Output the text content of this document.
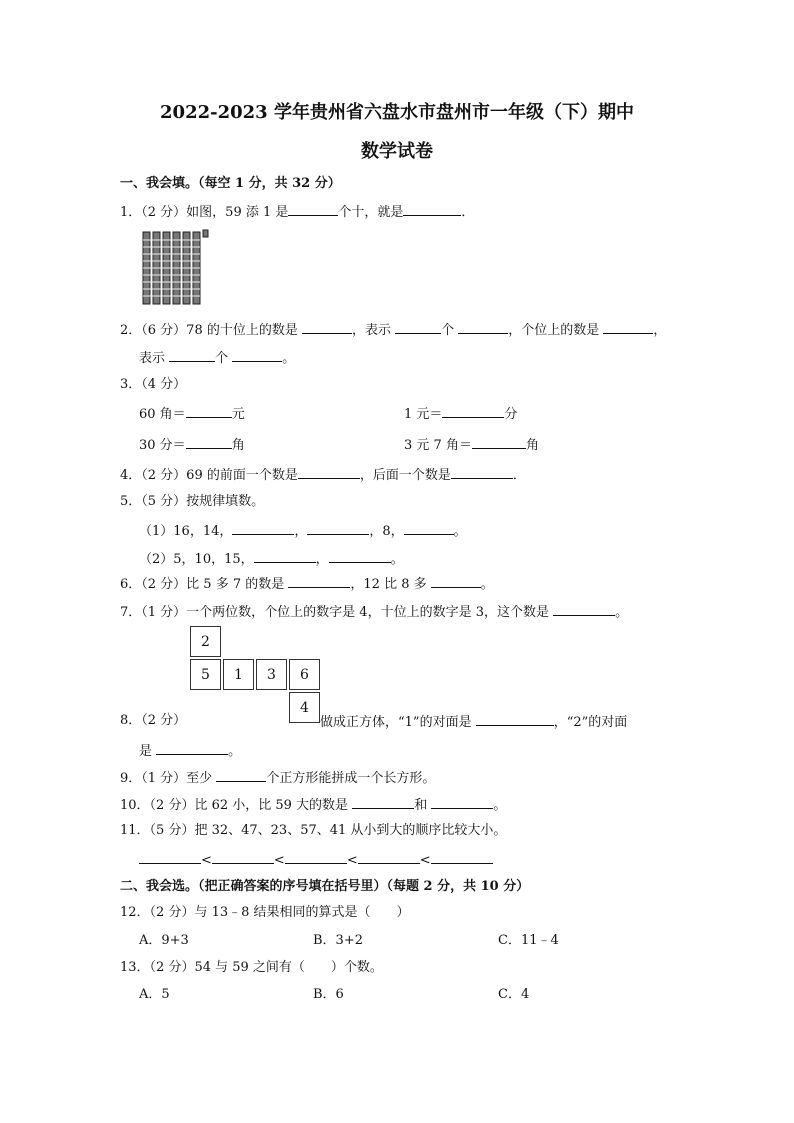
2022-2023 学年贵州省六盘水市盘州市一年级（下）期中
数学试卷
一、我会填。（每空 1 分，共 32 分）
1．（2 分）如图，59 添 1 是	个十，就是	．
2．（6 分）78 的十位上的数是	，表示	个	，个位上的数是	，
表示	个	。
3．（4 分）
60 角＝	元	1 元＝	分
30 分＝	角	3 元 7 角＝	角
4．（2 分）69 的前面一个数是	，后面一个数是	．
5．（5 分）按规律填数。
（1）16，14，	，	，8，	。
（2）5，10，15，	，	。
6．（2 分）比 5 多 7 的数是	，12 比 8 多	。
7．（1 分）一个两位数，个位上的数字是 4，十位上的数字是 3，这个数是	。
2
5	1	3	6
4
8．（2 分）	做成正方体，“1”的对面是	，“2”的对面
是	。
9．（1 分）至少	个正方形能拼成一个长方形。
10．（2 分）比 62 小，比 59 大的数是	和	。
11．（5 分）把 32、47、23、57、41 从小到大的顺序比较大小。
<	<	<	<
二、我会选。（把正确答案的序号填在括号里）（每题 2 分，共 10 分）
12．（2 分）与 13﹣8 结果相同的算式是（　　）
A．9+3	B．3+2	C．11﹣4
13．（2 分）54 与 59 之间有（　　）个数。
A．5	B．6	C．4
